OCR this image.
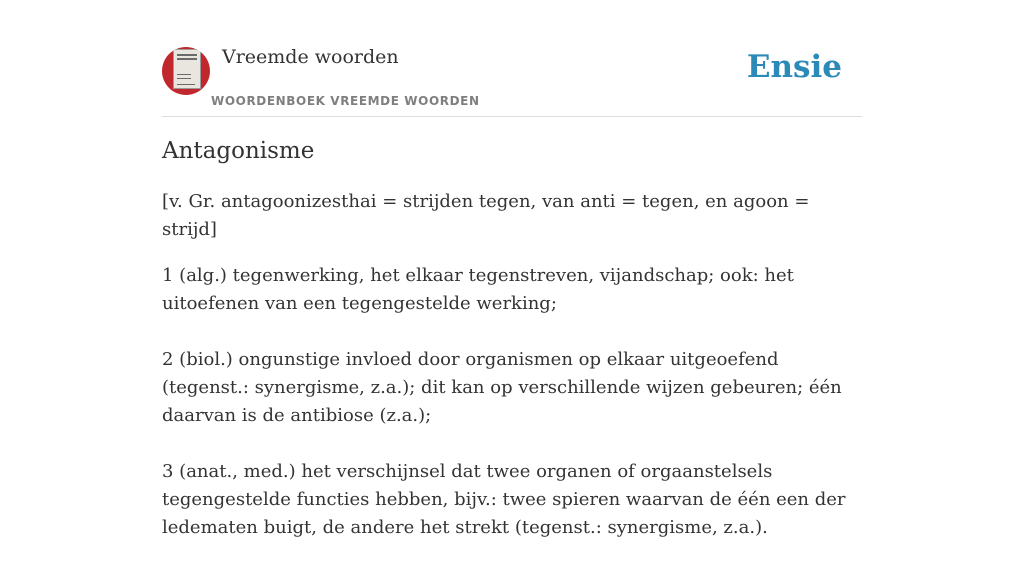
Vreemde woorden
WOORDENBOEK VREEMDE WOORDEN
Ensie
Antagonisme

[v. Gr. antagoonizesthai = strijden tegen, van anti = tegen, en agoon = strijd]

1 (alg.) tegenwerking, het elkaar tegenstreven, vijandschap; ook: het uitoefenen van een tegengestelde werking;

2 (biol.) ongunstige invloed door organismen op elkaar uitgeoefend (tegenst.: synergisme, z.a.); dit kan op verschillende wijzen gebeuren; één daarvan is de antibiose (z.a.);

3 (anat., med.) het verschijnsel dat twee organen of orgaanstelsels tegengestelde functies hebben, bijv.: twee spieren waarvan de één een der ledematen buigt, de andere het strekt (tegenst.: synergisme, z.a.).
